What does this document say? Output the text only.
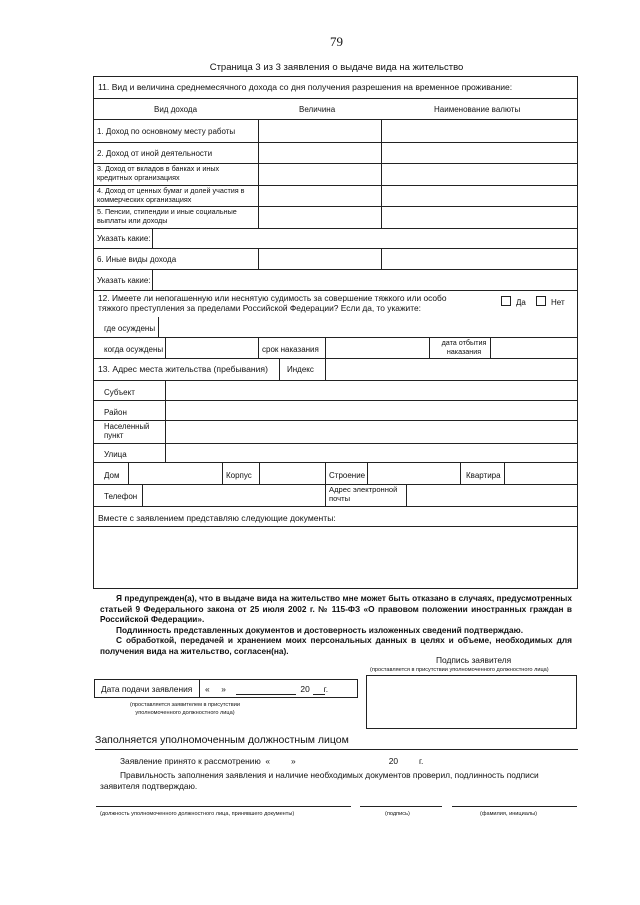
79
Страница 3 из 3 заявления о выдаче вида на жительство
11. Вид и величина среднемесячного дохода со дня получения разрешения на временное проживание:
Вид дохода	Величина	Наименование валюты
1. Доход по основному месту работы
2. Доход от иной деятельности
3. Доход от вкладов в банках и иных кредитных организациях
4. Доход от ценных бумаг и долей участия в коммерческих организациях
5. Пенсии, стипендии и иные социальные выплаты или доходы
Указать какие:
6. Иные виды дохода
Указать какие:
12. Имеете ли непогашенную или неснятую судимость за совершение тяжкого или особо тяжкого преступления за пределами Российской Федерации? Если да, то укажите:
Да	Нет
где осуждены
когда осуждены	срок наказания
дата отбытия наказания
13. Адрес места жительства (пребывания) Индекс
Субъект
Район
Населенный пункт
Улица
Дом	Корпус	Строение	Квартира
Телефон
Адрес электронной почты
Вместе с заявлением представляю следующие документы:
Я предупрежден(а), что в выдаче вида на жительство мне может быть отказано в случаях, предусмотренных статьей 9 Федерального закона от 25 июля 2002 г. № 115-ФЗ «О правовом положении иностранных граждан в Российской Федерации».
Подлинность представленных документов и достоверность изложенных сведений подтверждаю.
С обработкой, передачей и хранением моих персональных данных в целях и объеме, необходимых для получения вида на жительство, согласен(на).
Подпись заявителя
(проставляется в присутствии уполномоченного должностного лица)
Дата подачи заявления «     »                                20      г.
(проставляется заявителем в присутствии уполномоченного должностного лица)
Заполняется уполномоченным должностным лицом
Заявление принято к рассмотрению  «         »                                        20         г.
Правильность заполнения заявления и наличие необходимых документов проверил, подлинность подписи заявителя подтверждаю.
(должность уполномоченного должностного лица, принявшего документы)	(подпись)	(фамилия, инициалы)
